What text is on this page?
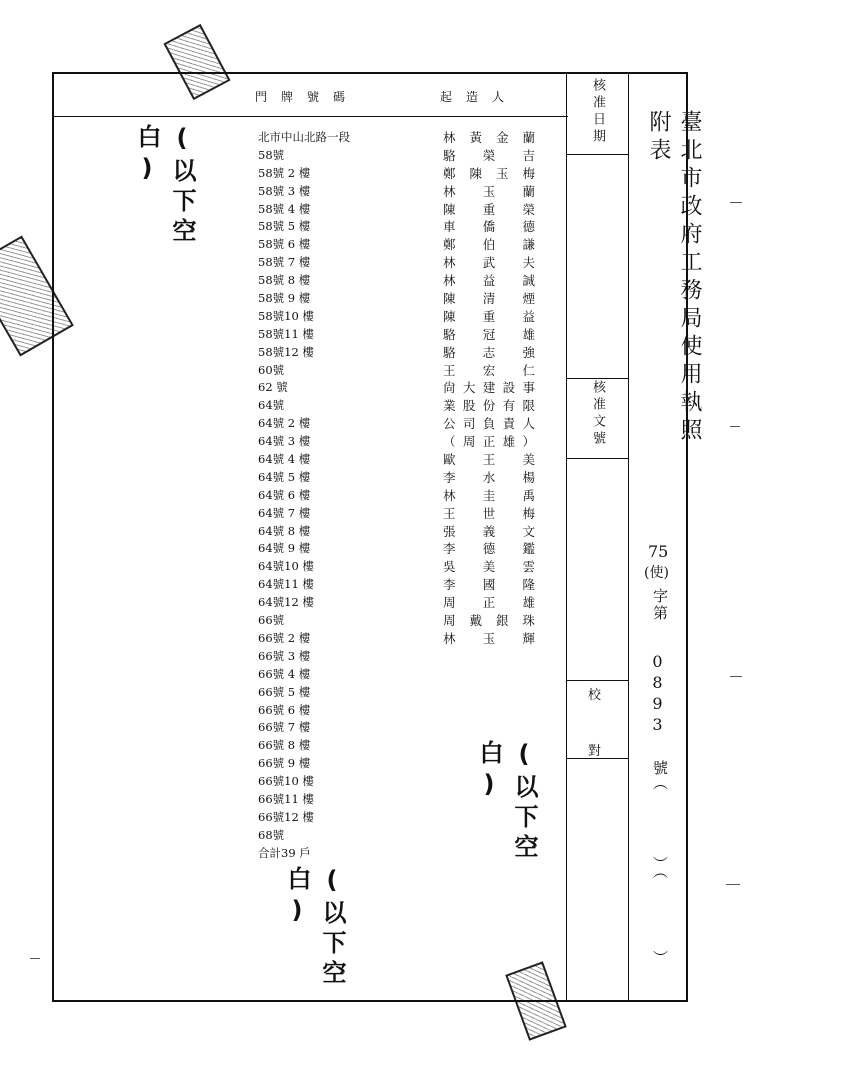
門　牌　號　碼	起　造　人
(以下空白)	北市中山北路一段
58號
58號 2 樓
58號 3 樓
58號 4 樓
58號 5 樓
58號 6 樓
58號 7 樓
58號 8 樓
58號 9 樓
58號10 樓
58號11 樓
58號12 樓
60號
62 號
64號
64號 2 樓
64號 3 樓
64號 4 樓
64號 5 樓
64號 6 樓
64號 7 樓
64號 8 樓
64號 9 樓
64號10 樓
64號11 樓
64號12 樓
66號
66號 2 樓
66號 3 樓
66號 4 樓
66號 5 樓
66號 6 樓
66號 7 樓
66號 8 樓
66號 9 樓
66號10 樓
66號11 樓
66號12 樓
68號
合計39 戶
(以下空白)
林 黃 金 蘭
駱 榮 吉
鄭 陳 玉 梅
林 玉 蘭
陳 重 榮
車 僑 德
鄭 伯 謙
林 武 夫
林 益 誠
陳 清 煙
陳 重 益
駱 冠 雄
駱 志 強
王 宏 仁
尙 大 建 設 事
業 股 份 有 限
公 司 負 責 人
（ 周 正 雄 ）
歐 王 美
李 水 楊
林 圭 禹
王 世 梅
張 義 文
李 德 鑑
吳 美 雲
李 國 隆
周 正 雄
周 戴 銀 珠
林 玉 輝
(以下空白)
核准日期
核准文號
校
對
臺北市政府工務局使用執照附表
75
(使)
字第
0893
號（
）（
）
